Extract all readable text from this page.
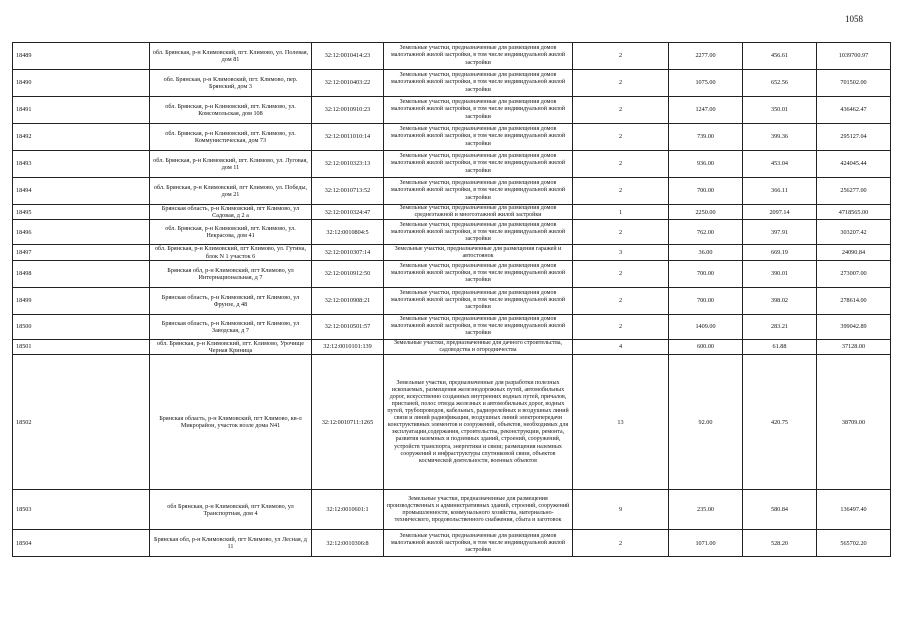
1058
18489	обл. Брянская, р-н Климовский, пгт. Климово, ул. Полевая, дом 81	32:12:0010414:23	Земельные участки, предназначенные для размещения домов малоэтажной жилой застройки, в том числе индивидуальной жилой застройки	2	2277.00	456.61	1039700.97
18490	обл. Брянская, р-н Климовский, пгт. Климово, пер. Брянский, дом 3	32:12:0010403:22	Земельные участки, предназначенные для размещения домов малоэтажной жилой застройки, в том числе индивидуальной жилой застройки	2	1075.00	652.56	701502.00
18491	обл. Брянская, р-н Климовский, пгт. Климово, ул. Комсомольская, дом 108	32:12:0010910:23	Земельные участки, предназначенные для размещения домов малоэтажной жилой застройки, в том числе индивидуальной жилой застройки	2	1247.00	350.01	436462.47
18492	обл. Брянская, р-н Климовский, пгт. Климово, ул. Коммунистическая, дом 73	32:12:0011010:14	Земельные участки, предназначенные для размещения домов малоэтажной жилой застройки, в том числе индивидуальной жилой застройки	2	739.00	399.36	295127.04
18493	обл. Брянская, р-н Климовский, пгт. Климово, ул. Луговая, дом 11	32:12:0010323:13	Земельные участки, предназначенные для размещения домов малоэтажной жилой застройки, в том числе индивидуальной жилой застройки	2	936.00	453.04	424045.44
18494	обл. Брянская, р-н Климовский, пгт Климово, ул. Победы, дом 21	32:12:0010713:52	Земельные участки, предназначенные для размещения домов малоэтажной жилой застройки, в том числе индивидуальной жилой застройки	2	700.00	366.11	256277.00
18495	Брянская область, р-н Климовский, пгт Климово, ул Садовая, д 2 а	32:12:0010324:47	Земельные участки, предназначенные для размещения домов среднеэтажной и многоэтажной жилой застройки	1	2250.00	2097.14	4718565.00
18496	обл. Брянская, р-н Климовский, пгт. Климово, ул. Некрасова, дом 41	32:12:0010804:5	Земельные участки, предназначенные для размещения домов малоэтажной жилой застройки, в том числе индивидуальной жилой застройки	2	762.00	397.91	303207.42
18497	обл. Брянская, р-н Климовский, пгт Климово, ул. Гутина, блок N 1 участок 6	32:12:0010307:14	Земельные участки, предназначенные для размещения гаражей и автостоянок	3	36.00	669.19	24090.84
18498	Брянская обл, р-н Климовский, пгт Климово, ул Интернациональная, д 7	32:12:0010912:50	Земельные участки, предназначенные для размещения домов малоэтажной жилой застройки, в том числе индивидуальной жилой застройки	2	700.00	390.01	273007.00
18499	Брянская область, р-н Климовский, пгт Климово, ул Фрунзе, д 48	32:12:0010908:21	Земельные участки, предназначенные для размещения домов малоэтажной жилой застройки, в том числе индивидуальной жилой застройки	2	700.00	398.02	278614.00
18500	Брянская область, р-н Климовский, пгт Климово, ул Заводская, д 7	32:12:0010501:57	Земельные участки, предназначенные для размещения домов малоэтажной жилой застройки, в том числе индивидуальной жилой застройки	2	1409.00	283.21	399042.89
18501	обл. Брянская, р-н Климовский, пгт. Климово, Урочище Черная Криница	32:12:0010101:139	Земельные участки, предназначенные для дачного строительства, садоводства и огородничества	4	600.00	61.88	37128.00
18502	Брянская область, р-н Климовский, пгт Климово, кв-л Микрорайон, участок возле дома N41	32:12:0010711:1265	Земельные участки, предназначенные для разработки полезных ископаемых, размещения железнодорожных путей, автомобильных дорог, искусственно созданных внутренних водных путей, причалов, пристаней, полос отвода железных и автомобильных дорог, водных путей, трубопроводов, кабельных, радиорелейных и воздушных линий связи и линий радиофикации, воздушных линий электропередачи конструктивных элементов и сооружений, объектов, необходимых для эксплуатации,содержания, строительства, реконструкции, ремонта, развития наземных и подземных зданий, строений, сооружений, устройств транспорта, энергетики и связи; размещения наземных сооружений и инфраструктуры спутниковой связи, объектов космической деятельности, военных объектов	13	92.00	420.75	38709.00
18503	обл Брянская, р-н Климовский, пгт Климово, ул Транспортная, дом 4	32:12:0010601:1	Земельные участки, предназначенные для размещения производственных и административных зданий, строений, сооружений промышленности, коммунального хозяйства, материально-технического, продовольственного снабжения, сбыта и заготовок	9	235.00	580.84	136497.40
18504	Брянская обл, р-н Климовский, пгт Климово, ул Лесная, д 11	32:12:0010306:8	Земельные участки, предназначенные для размещения домов малоэтажной жилой застройки, в том числе индивидуальной жилой застройки	2	1071.00	528.20	565702.20
